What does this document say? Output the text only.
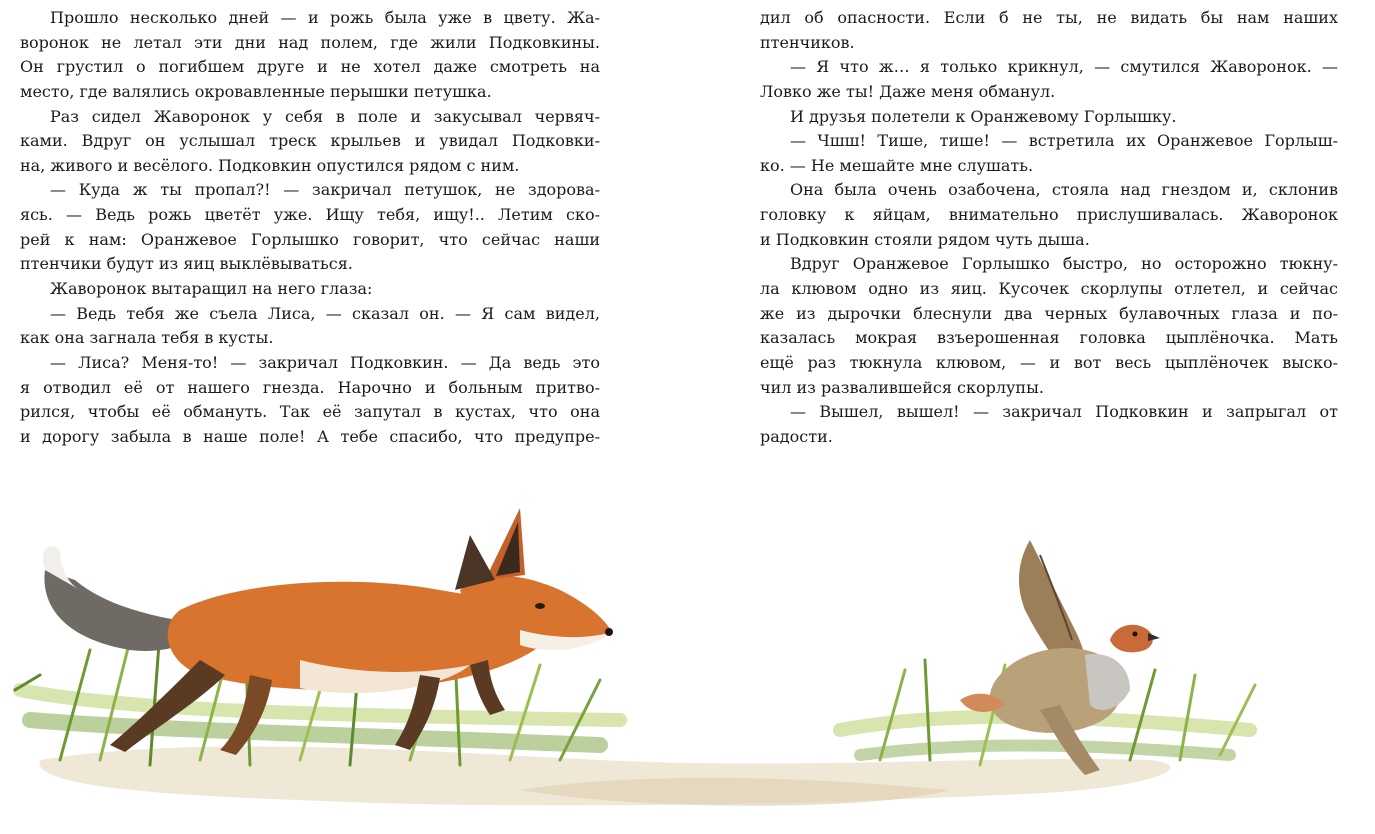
Прошло несколько дней — и рожь была уже в цвету. Жа-
воронок не летал эти дни над полем, где жили Подковкины.
Он грустил о погибшем друге и не хотел даже смотреть на
место, где валялись окровавленные перышки петушка.
Раз сидел Жаворонок у себя в поле и закусывал червяч-
ками. Вдруг он услышал треск крыльев и увидал Подковки-
на, живого и весёлого. Подковкин опустился рядом с ним.
— Куда ж ты пропал?! — закричал петушок, не здорова-
ясь. — Ведь рожь цветёт уже. Ищу тебя, ищу!.. Летим ско-
рей к нам: Оранжевое Горлышко говорит, что сейчас наши
птенчики будут из яиц выклёвываться.
Жаворонок вытаращил на него глаза:
— Ведь тебя же съела Лиса, — сказал он. — Я сам видел,
как она загнала тебя в кусты.
— Лиса? Меня-то! — закричал Подковкин. — Да ведь это
я отводил её от нашего гнезда. Нарочно и больным притво-
рился, чтобы её обмануть. Так её запутал в кустах, что она
и дорогу забыла в наше поле! А тебе спасибо, что предупре-
дил об опасности. Если б не ты, не видать бы нам наших
птенчиков.
— Я что ж… я только крикнул, — смутился Жаворонок. —
Ловко же ты! Даже меня обманул.
И друзья полетели к Оранжевому Горлышку.
— Чшш! Тише, тише! — встретила их Оранжевое Горлыш-
ко. — Не мешайте мне слушать.
Она была очень озабочена, стояла над гнездом и, склонив
головку к яйцам, внимательно прислушивалась. Жаворонок
и Подковкин стояли рядом чуть дыша.
Вдруг Оранжевое Горлышко быстро, но осторожно тюкну-
ла клювом одно из яиц. Кусочек скорлупы отлетел, и сейчас
же из дырочки блеснули два черных булавочных глаза и по-
казалась мокрая взъерошенная головка цыплёночка. Мать
ещё раз тюкнула клювом, — и вот весь цыплёночек выско-
чил из развалившейся скорлупы.
— Вышел, вышел! — закричал Подковкин и запрыгал от
радости.
